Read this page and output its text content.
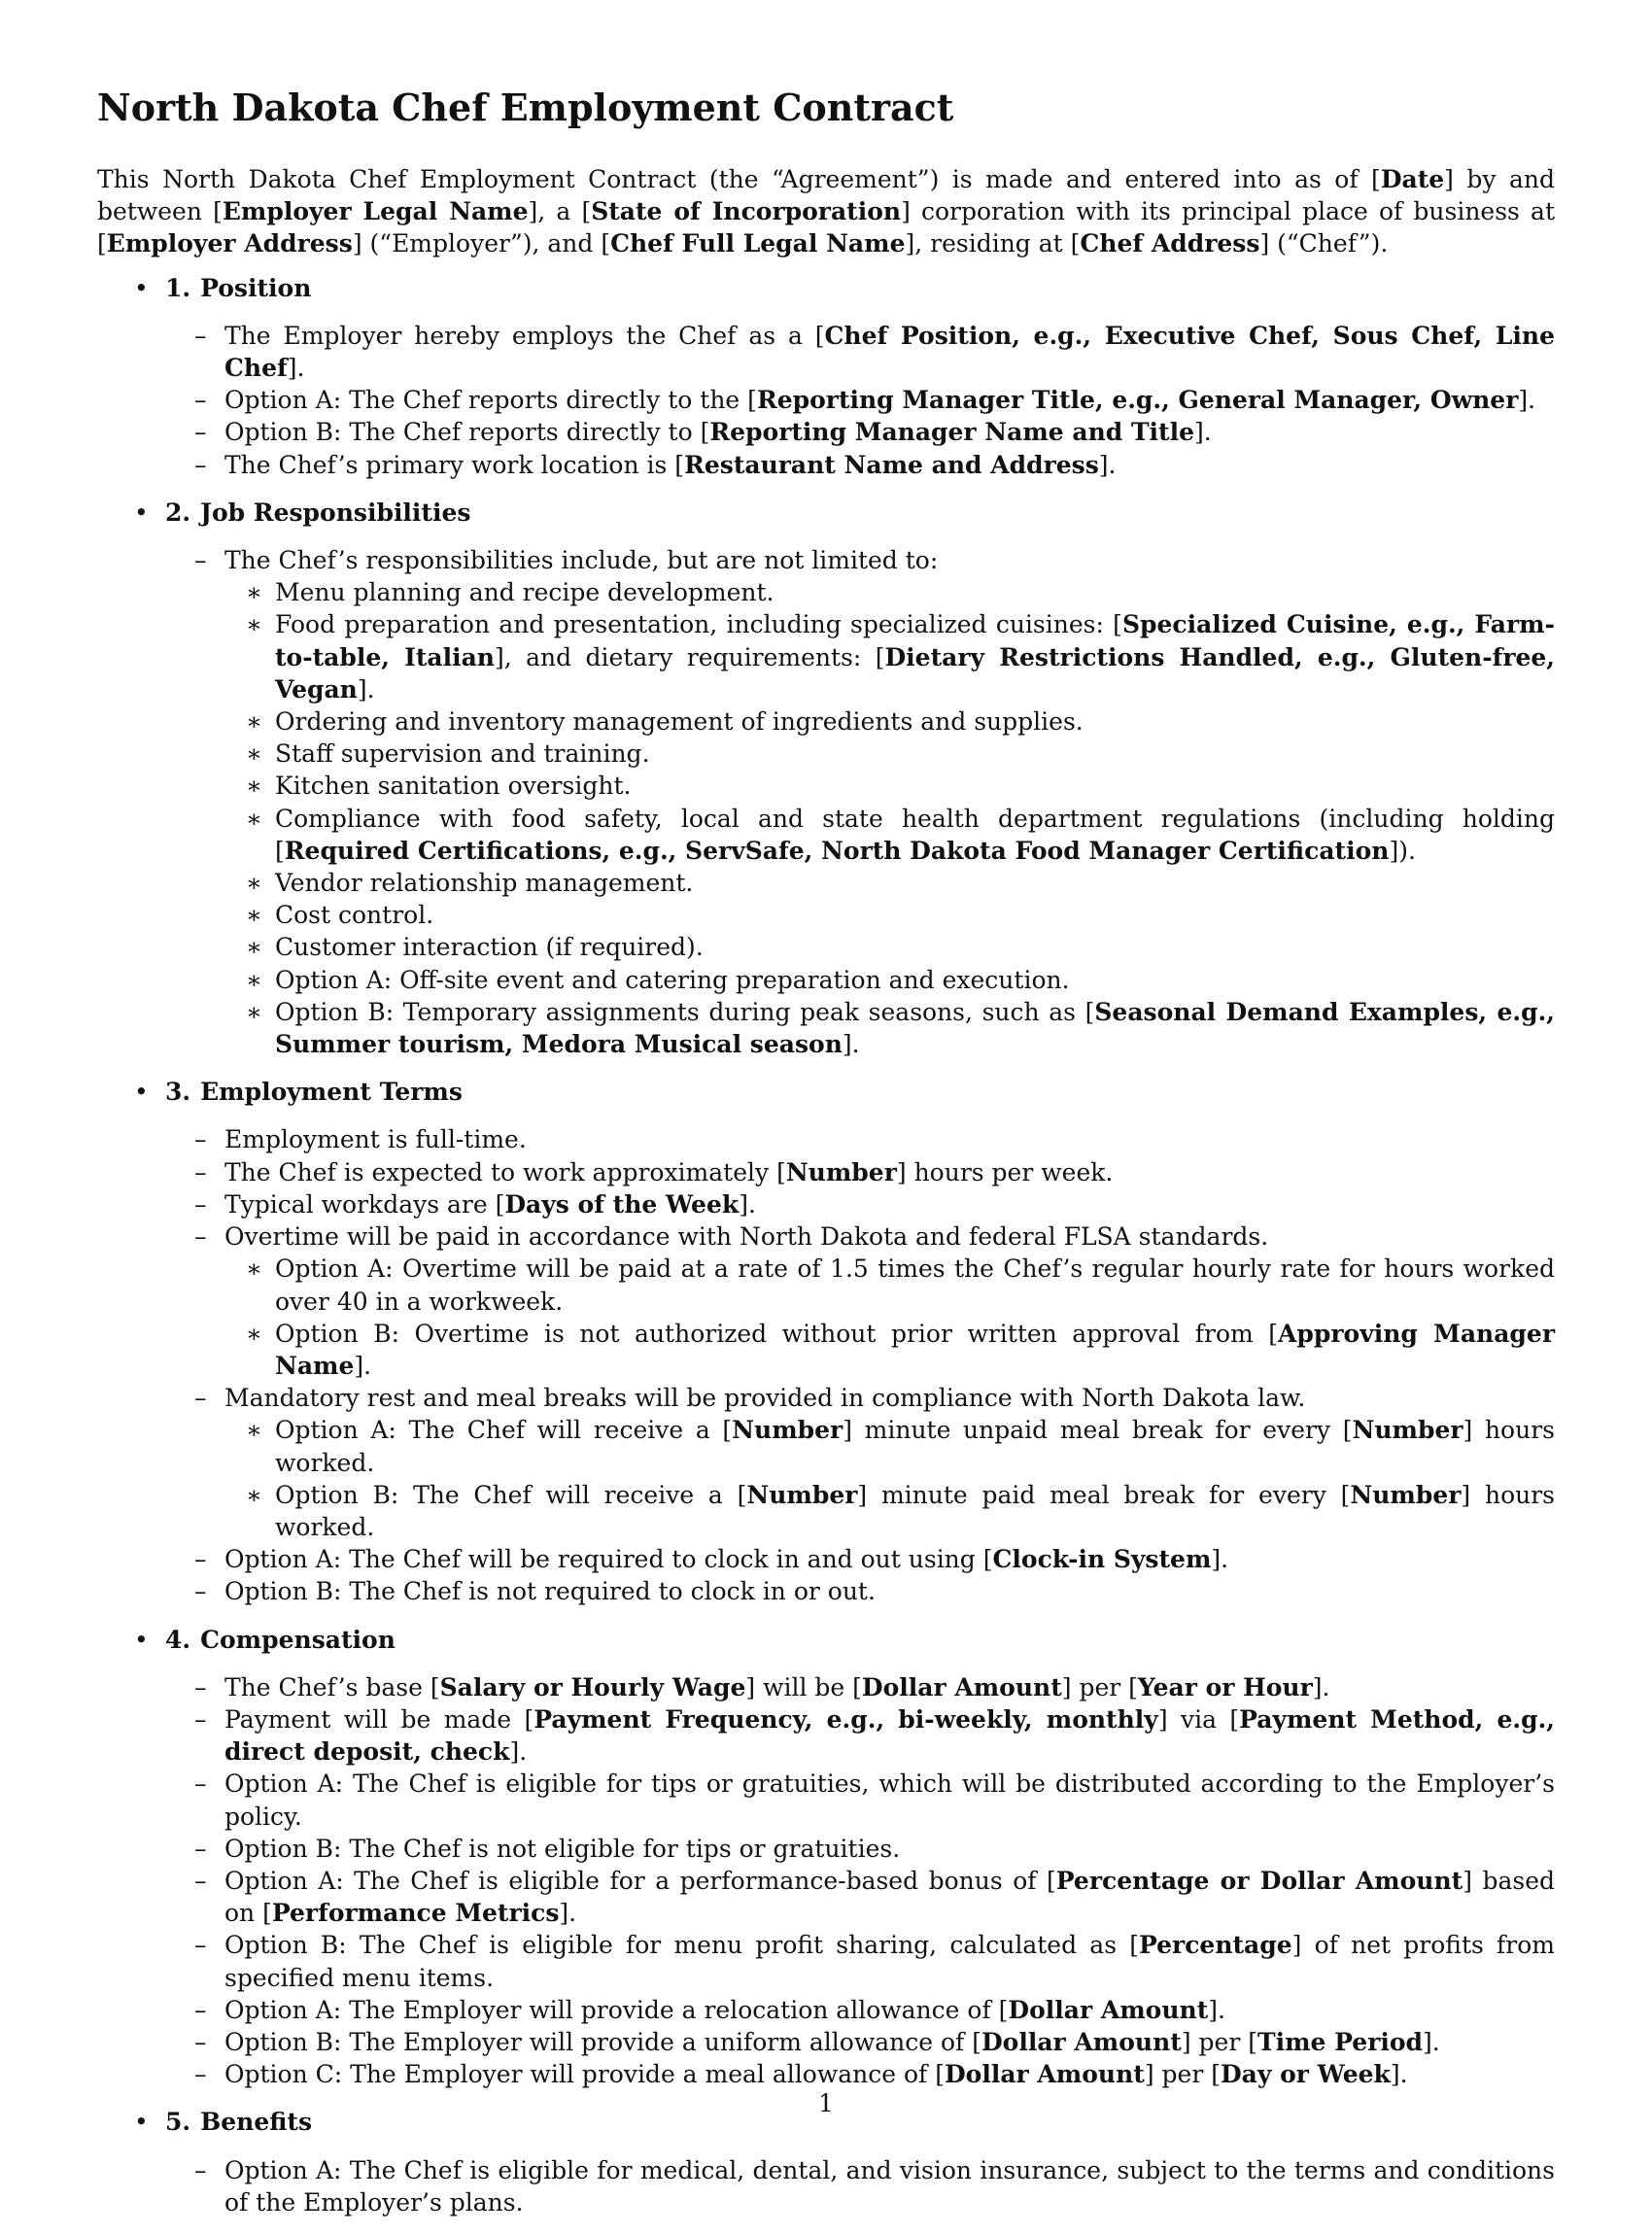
North Dakota Chef Employment Contract

This North Dakota Chef Employment Contract (the “Agreement”) is made and entered into as of [Date] by and between [Employer Legal Name], a [State of Incorporation] corporation with its principal place of business at [Employer Address] (“Employer”), and [Chef Full Legal Name], residing at [Chef Address] (“Chef”).

• 1. Position
– The Employer hereby employs the Chef as a [Chef Position, e.g., Executive Chef, Sous Chef, Line Chef].
– Option A: The Chef reports directly to the [Reporting Manager Title, e.g., General Manager, Owner].
– Option B: The Chef reports directly to [Reporting Manager Name and Title].
– The Chef’s primary work location is [Restaurant Name and Address].
• 2. Job Responsibilities
– The Chef’s responsibilities include, but are not limited to:
∗ Menu planning and recipe development.
∗ Food preparation and presentation, including specialized cuisines: [Specialized Cuisine, e.g., Farm-to-table, Italian], and dietary requirements: [Dietary Restrictions Handled, e.g., Gluten-free, Vegan].
∗ Ordering and inventory management of ingredients and supplies.
∗ Staff supervision and training.
∗ Kitchen sanitation oversight.
∗ Compliance with food safety, local and state health department regulations (including holding [Required Certifications, e.g., ServSafe, North Dakota Food Manager Certification]).
∗ Vendor relationship management.
∗ Cost control.
∗ Customer interaction (if required).
∗ Option A: Off-site event and catering preparation and execution.
∗ Option B: Temporary assignments during peak seasons, such as [Seasonal Demand Examples, e.g., Summer tourism, Medora Musical season].
• 3. Employment Terms
– Employment is full-time.
– The Chef is expected to work approximately [Number] hours per week.
– Typical workdays are [Days of the Week].
– Overtime will be paid in accordance with North Dakota and federal FLSA standards.
∗ Option A: Overtime will be paid at a rate of 1.5 times the Chef’s regular hourly rate for hours worked over 40 in a workweek.
∗ Option B: Overtime is not authorized without prior written approval from [Approving Manager Name].
– Mandatory rest and meal breaks will be provided in compliance with North Dakota law.
∗ Option A: The Chef will receive a [Number] minute unpaid meal break for every [Number] hours worked.
∗ Option B: The Chef will receive a [Number] minute paid meal break for every [Number] hours worked.
– Option A: The Chef will be required to clock in and out using [Clock-in System].
– Option B: The Chef is not required to clock in or out.
• 4. Compensation
– The Chef’s base [Salary or Hourly Wage] will be [Dollar Amount] per [Year or Hour].
– Payment will be made [Payment Frequency, e.g., bi-weekly, monthly] via [Payment Method, e.g., direct deposit, check].
– Option A: The Chef is eligible for tips or gratuities, which will be distributed according to the Employer’s policy.
– Option B: The Chef is not eligible for tips or gratuities.
– Option A: The Chef is eligible for a performance-based bonus of [Percentage or Dollar Amount] based on [Performance Metrics].
– Option B: The Chef is eligible for menu profit sharing, calculated as [Percentage] of net profits from specified menu items.
– Option A: The Employer will provide a relocation allowance of [Dollar Amount].
– Option B: The Employer will provide a uniform allowance of [Dollar Amount] per [Time Period].
– Option C: The Employer will provide a meal allowance of [Dollar Amount] per [Day or Week].
• 5. Benefits
– Option A: The Chef is eligible for medical, dental, and vision insurance, subject to the terms and conditions of the Employer’s plans.
1
